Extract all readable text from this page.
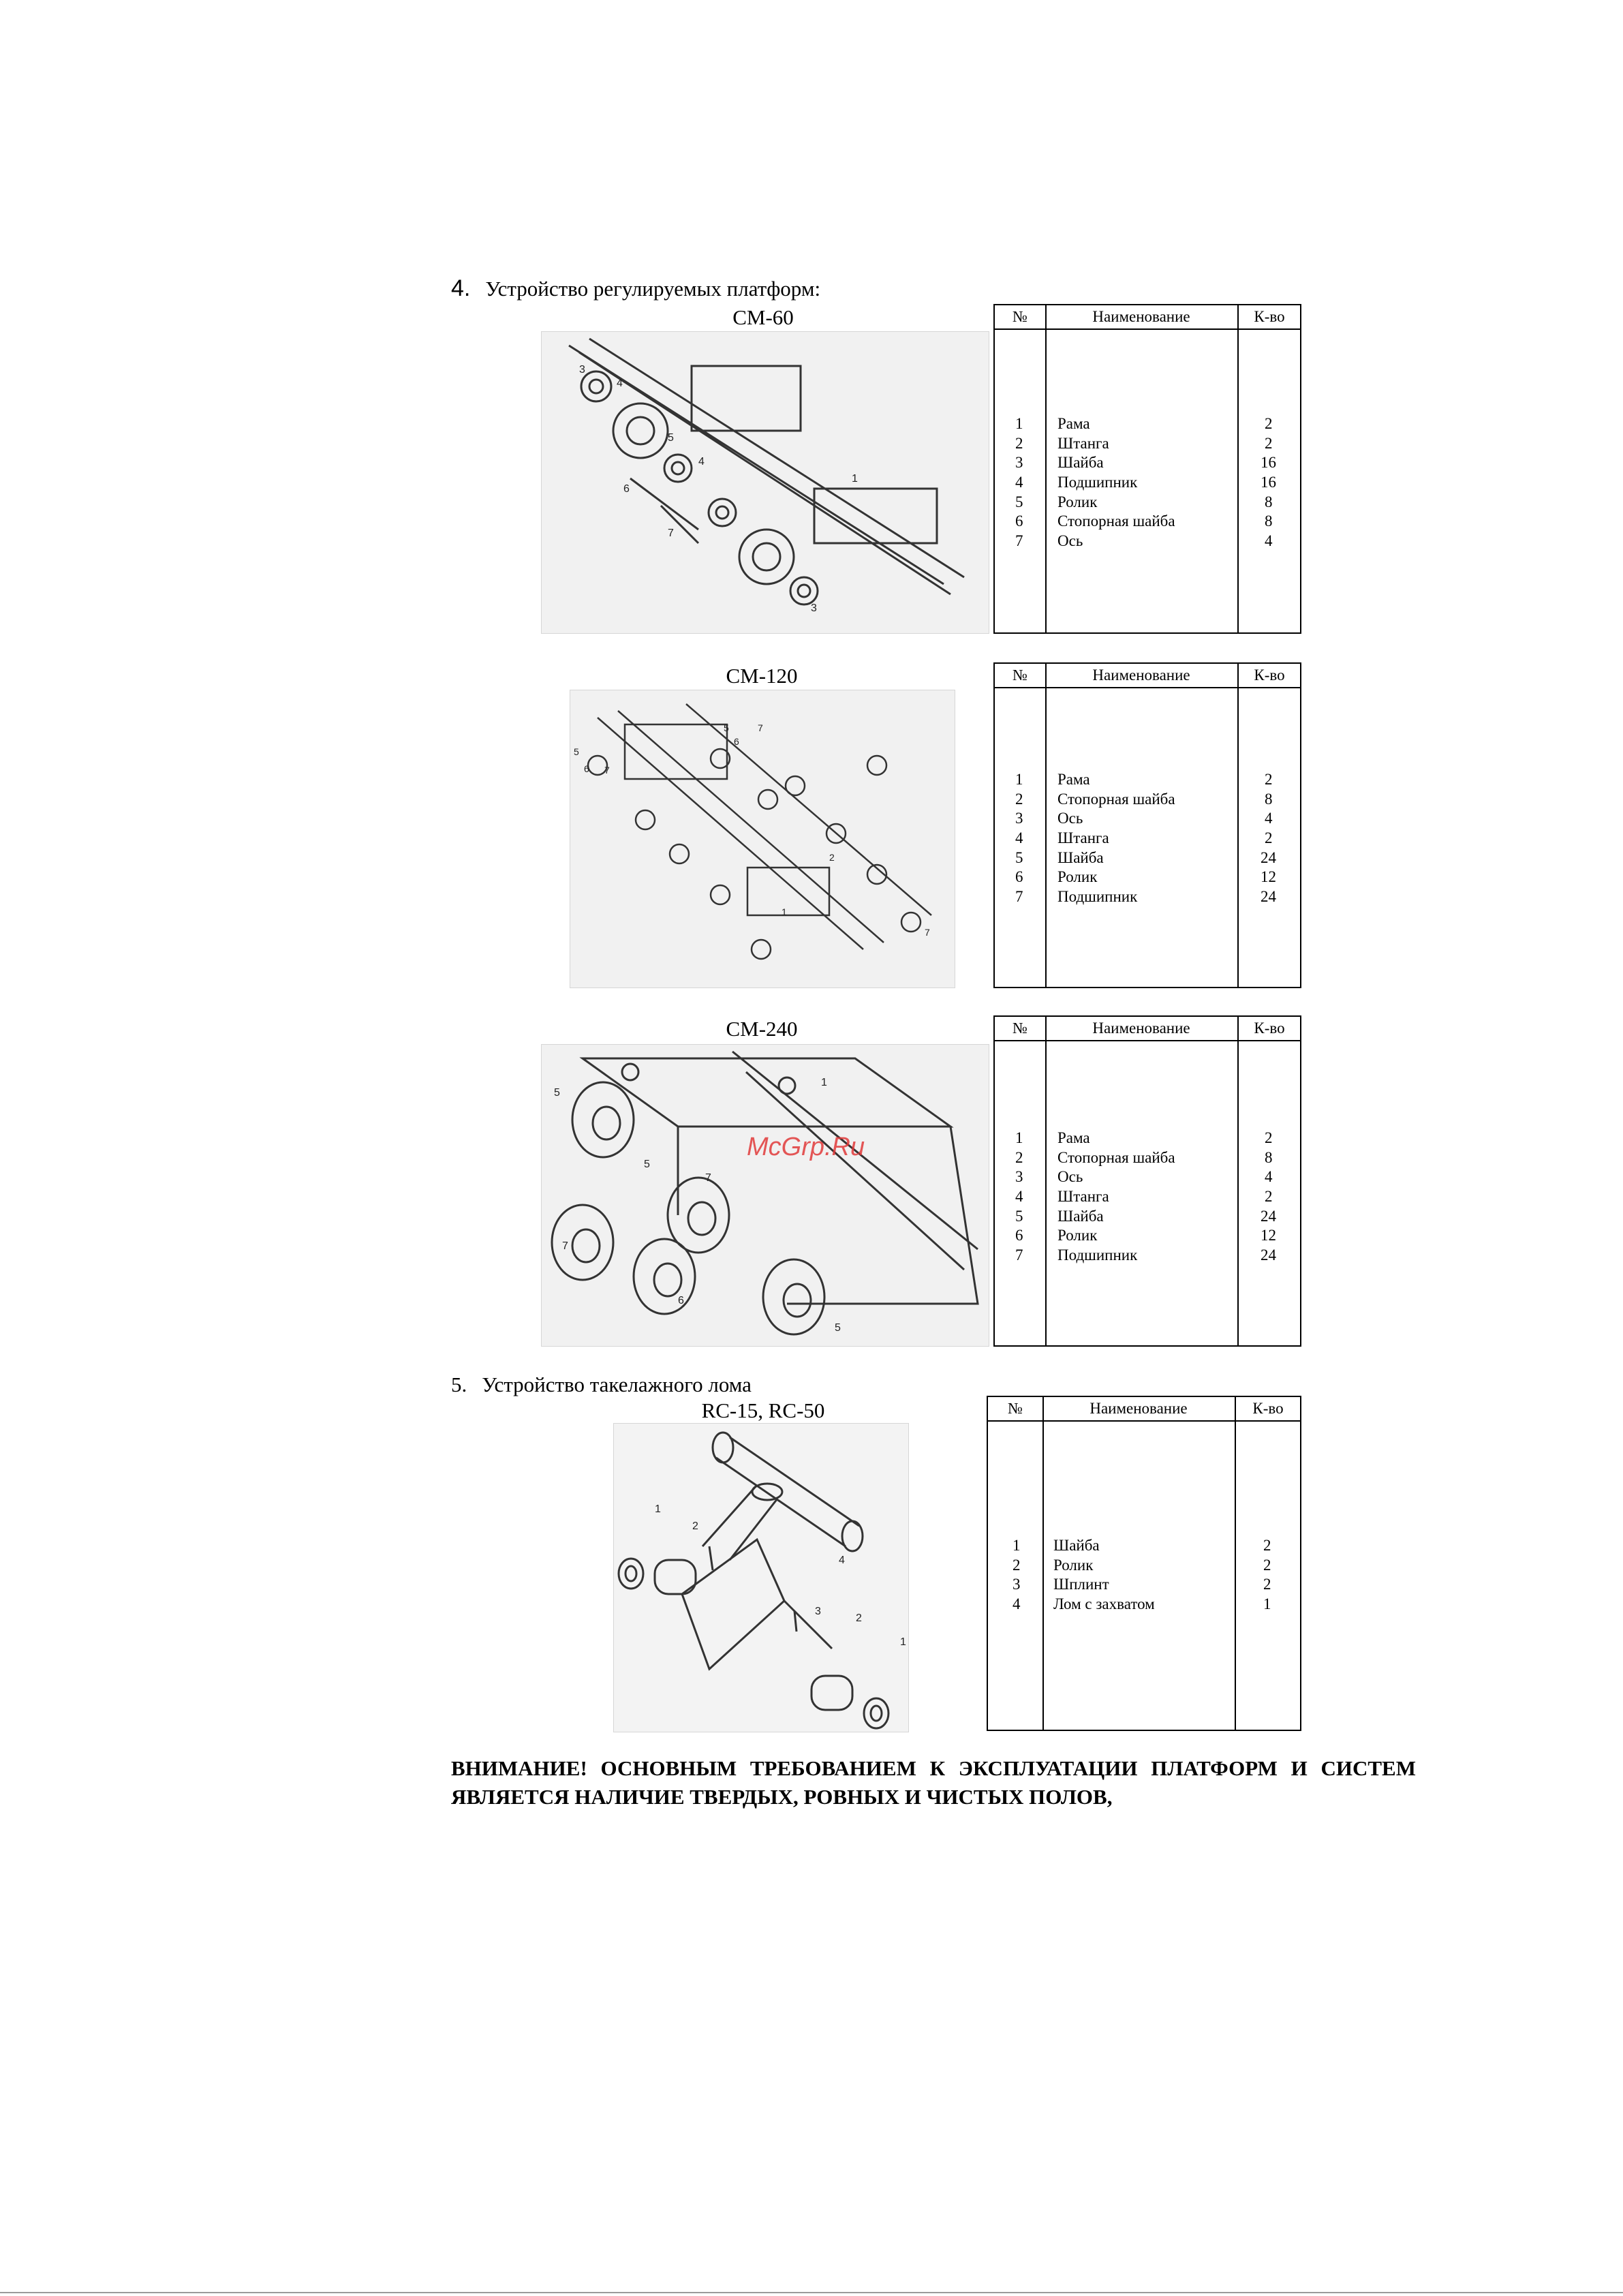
4. Устройство регулируемых платформ:
CM-60
3
4
5
6
7
4
3
1
№	Наименование	К-во
1 Рама	2
2 Штанга	2
3 Шайба	16
4 Подшипник	16
5 Ролик	8
6 Стопорная шайба	8
7 Ось	4
CM-120
5
6 7
5
6
7
1
2
7
№	Наименование	К-во
1 Рама	2
2 Стопорная шайба	8
3 Ось	4
4 Штанга	2
5 Шайба	24
6 Ролик	12
7 Подшипник	24
CM-240
5
5
7
1
7
6
5
McGrp.Ru
№	Наименование	К-во
1 Рама	2
2 Стопорная шайба	8
3 Ось	4
4 Штанга	2
5 Шайба	24
6 Ролик	12
7 Подшипник	24
5. Устройство такелажного лома
RC-15, RC-50
1
2
4
3
2
1
№	Наименование	К-во
1 Шайба	2
2 Ролик	2
3 Шплинт	2
4 Лом с захватом	1
ВНИМАНИЕ! ОСНОВНЫМ ТРЕБОВАНИЕМ К ЭКСПЛУАТАЦИИ ПЛАТФОРМ И СИСТЕМ ЯВЛЯЕТСЯ НАЛИЧИЕ ТВЕРДЫХ, РОВНЫХ И ЧИСТЫХ ПОЛОВ,
